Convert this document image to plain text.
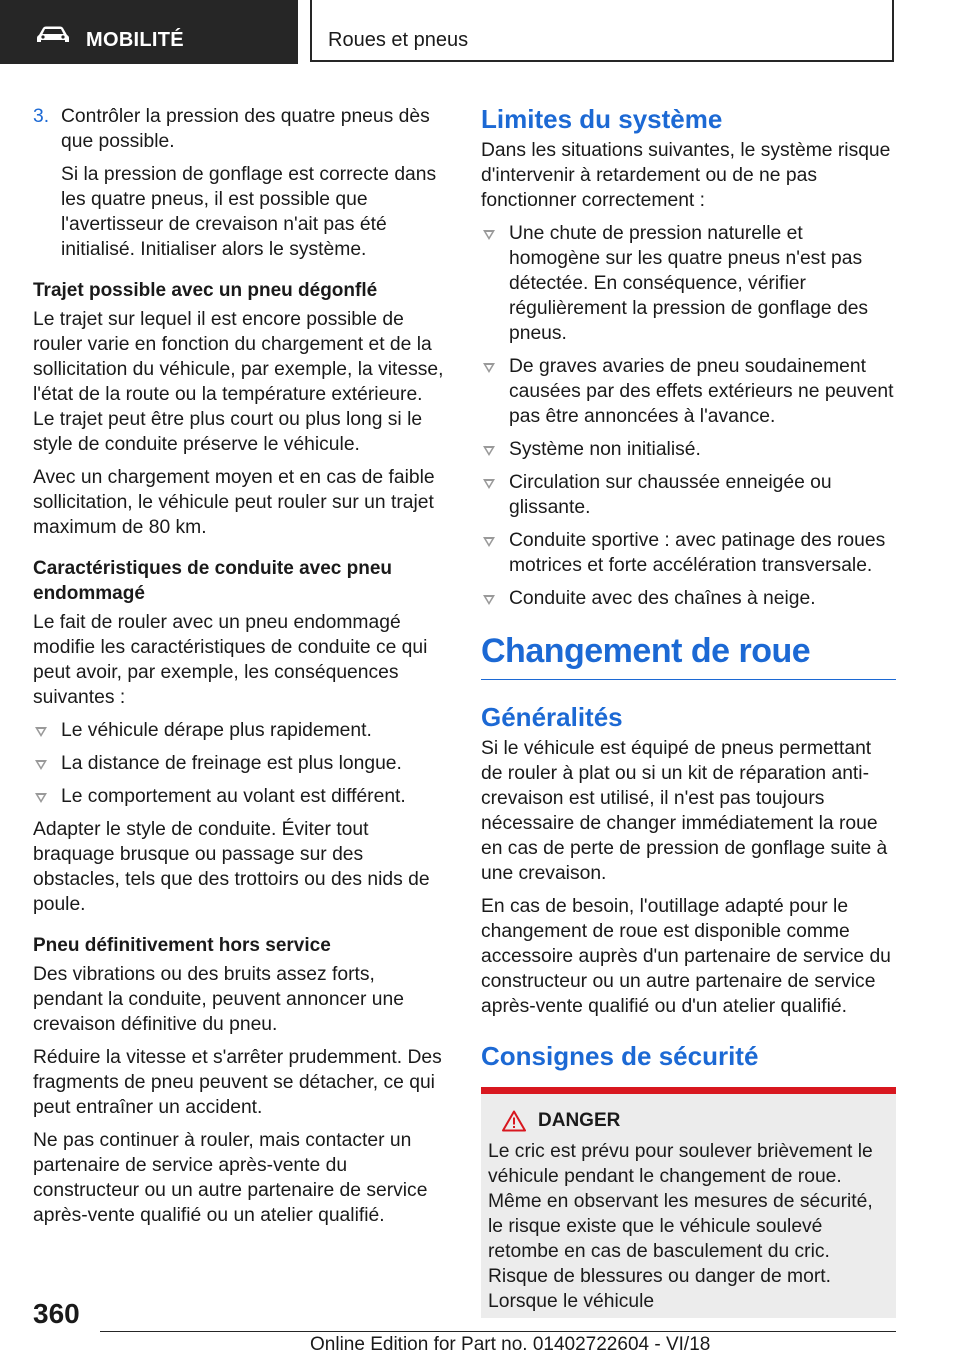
MOBILITÉ	Roues et pneus
3. Contrôler la pression des quatre pneus dès que possible.

Si la pression de gonflage est correcte dans les quatre pneus, il est possible que l'avertisseur de crevaison n'ait pas été initialisé. Initialiser alors le système.

Trajet possible avec un pneu dégonflé

Le trajet sur lequel il est encore possible de rouler varie en fonction du chargement et de la sollicitation du véhicule, par exemple, la vitesse, l'état de la route ou la température extérieure. Le trajet peut être plus court ou plus long si le style de conduite préserve le véhicule.

Avec un chargement moyen et en cas de faible sollicitation, le véhicule peut rouler sur un trajet maximum de 80 km.

Caractéristiques de conduite avec pneu endommagé

Le fait de rouler avec un pneu endommagé modifie les caractéristiques de conduite ce qui peut avoir, par exemple, les conséquences suivantes :

Le véhicule dérape plus rapidement.
La distance de freinage est plus longue.
Le comportement au volant est différent.

Adapter le style de conduite. Éviter tout braquage brusque ou passage sur des obstacles, tels que des trottoirs ou des nids de poule.

Pneu définitivement hors service

Des vibrations ou des bruits assez forts, pendant la conduite, peuvent annoncer une crevaison définitive du pneu.

Réduire la vitesse et s'arrêter prudemment. Des fragments de pneu peuvent se détacher, ce qui peut entraîner un accident.

Ne pas continuer à rouler, mais contacter un partenaire de service après-vente du constructeur ou un autre partenaire de service après-vente qualifié ou un atelier qualifié.

Limites du système

Dans les situations suivantes, le système risque d'intervenir à retardement ou de ne pas fonctionner correctement :

Une chute de pression naturelle et homogène sur les quatre pneus n'est pas détectée. En conséquence, vérifier régulièrement la pression de gonflage des pneus.
De graves avaries de pneu soudainement causées par des effets extérieurs ne peuvent pas être annoncées à l'avance.
Système non initialisé.
Circulation sur chaussée enneigée ou glissante.
Conduite sportive : avec patinage des roues motrices et forte accélération transversale.
Conduite avec des chaînes à neige.

Changement de roue

Généralités

Si le véhicule est équipé de pneus permettant de rouler à plat ou si un kit de réparation anti-crevaison est utilisé, il n'est pas toujours nécessaire de changer immédiatement la roue en cas de perte de pression de gonflage suite à une crevaison.

En cas de besoin, l'outillage adapté pour le changement de roue est disponible comme accessoire auprès d'un partenaire de service du constructeur ou un autre partenaire de service après-vente qualifié ou d'un atelier qualifié.

Consignes de sécurité

DANGER

Le cric est prévu pour soulever brièvement le véhicule pendant le changement de roue. Même en observant les mesures de sécurité, le risque existe que le véhicule soulevé retombe en cas de basculement du cric. Risque de blessures ou danger de mort. Lorsque le véhicule

360
Online Edition for Part no. 01402722604 - VI/18
